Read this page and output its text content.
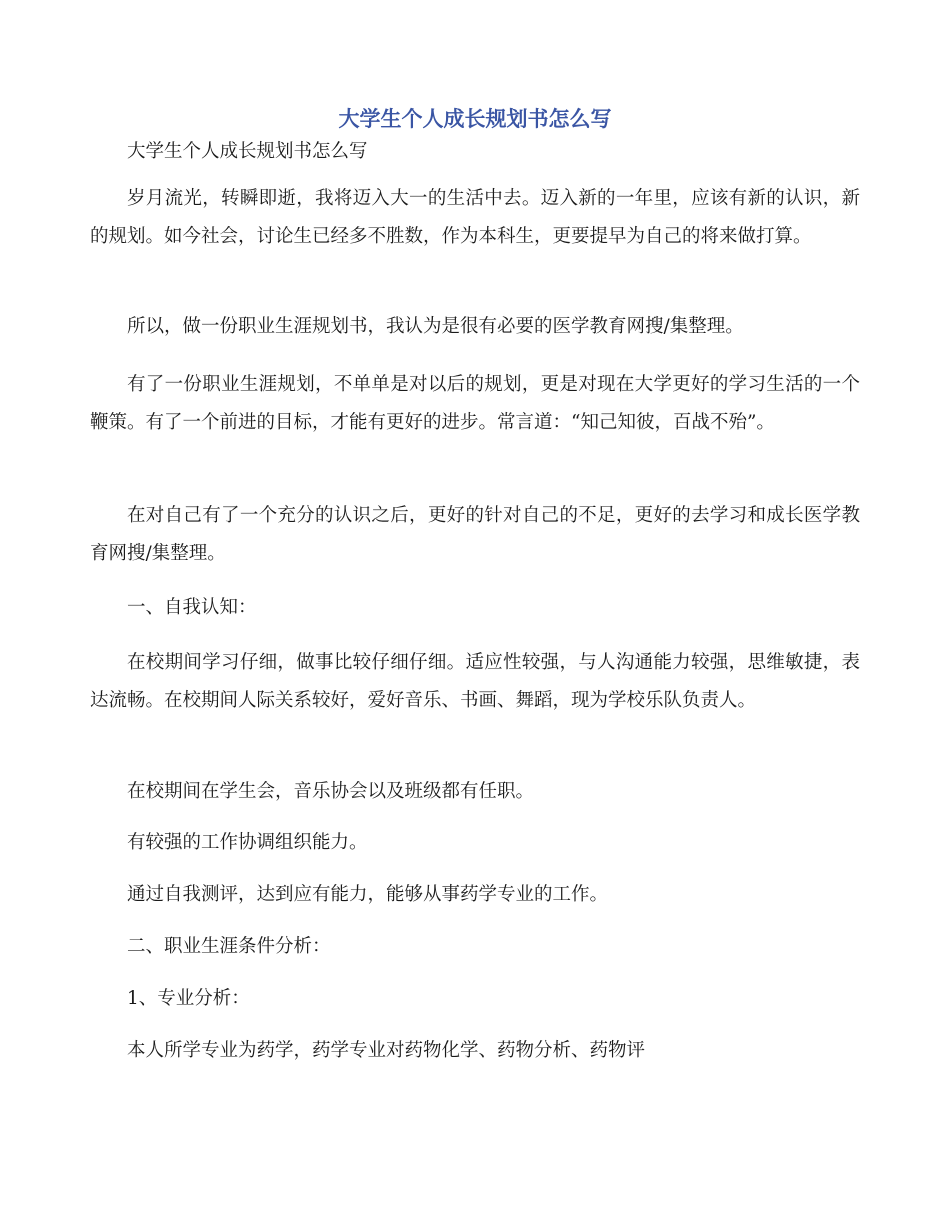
大学生个人成长规划书怎么写

大学生个人成长规划书怎么写

岁月流光，转瞬即逝，我将迈入大一的生活中去。迈入新的一年里，应该有新的认识，新的规划。如今社会，讨论生已经多不胜数，作为本科生，更要提早为自己的将来做打算。

所以，做一份职业生涯规划书，我认为是很有必要的医学教育网搜/集整理。

有了一份职业生涯规划，不单单是对以后的规划，更是对现在大学更好的学习生活的一个鞭策。有了一个前进的目标，才能有更好的进步。常言道：“知己知彼，百战不殆”。

在对自己有了一个充分的认识之后，更好的针对自己的不足，更好的去学习和成长医学教育网搜/集整理。

一、自我认知：

在校期间学习仔细，做事比较仔细仔细。适应性较强，与人沟通能力较强，思维敏捷，表达流畅。在校期间人际关系较好，爱好音乐、书画、舞蹈，现为学校乐队负责人。

在校期间在学生会，音乐协会以及班级都有任职。

有较强的工作协调组织能力。

通过自我测评，达到应有能力，能够从事药学专业的工作。

二、职业生涯条件分析：

1、专业分析：

本人所学专业为药学，药学专业对药物化学、药物分析、药物评
